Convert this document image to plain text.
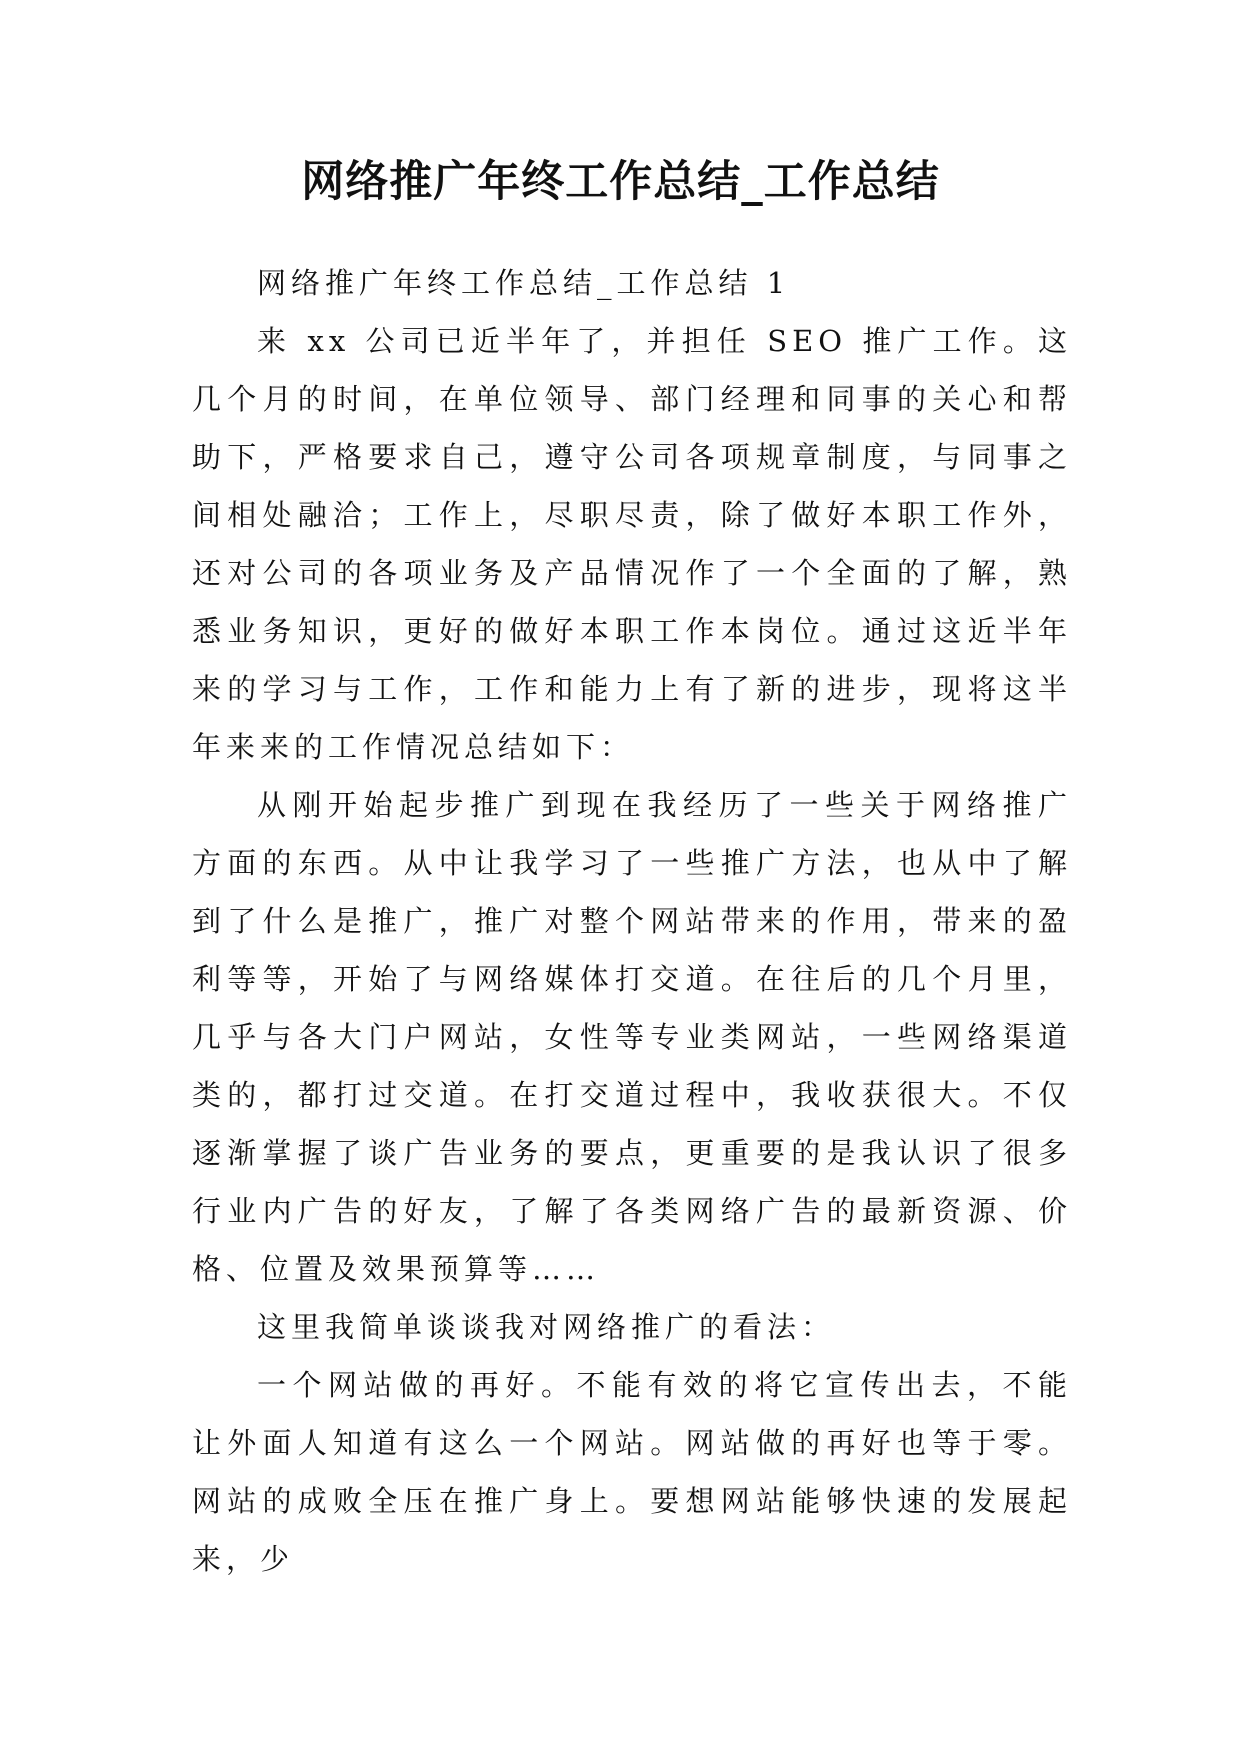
网络推广年终工作总结_工作总结

网络推广年终工作总结_工作总结 1

来 xx 公司已近半年了，并担任 SEO 推广工作。这几个月的时间，在单位领导、部门经理和同事的关心和帮助下，严格要求自己，遵守公司各项规章制度，与同事之间相处融洽；工作上，尽职尽责，除了做好本职工作外，还对公司的各项业务及产品情况作了一个全面的了解，熟悉业务知识，更好的做好本职工作本岗位。通过这近半年来的学习与工作，工作和能力上有了新的进步，现将这半年来来的工作情况总结如下：

从刚开始起步推广到现在我经历了一些关于网络推广方面的东西。从中让我学习了一些推广方法，也从中了解到了什么是推广，推广对整个网站带来的作用，带来的盈利等等，开始了与网络媒体打交道。在往后的几个月里，几乎与各大门户网站，女性等专业类网站，一些网络渠道类的，都打过交道。在打交道过程中，我收获很大。不仅逐渐掌握了谈广告业务的要点，更重要的是我认识了很多行业内广告的好友，了解了各类网络广告的最新资源、价格、位置及效果预算等……

这里我简单谈谈我对网络推广的看法：

一个网站做的再好。不能有效的将它宣传出去，不能让外面人知道有这么一个网站。网站做的再好也等于零。网站的成败全压在推广身上。要想网站能够快速的发展起来，少
